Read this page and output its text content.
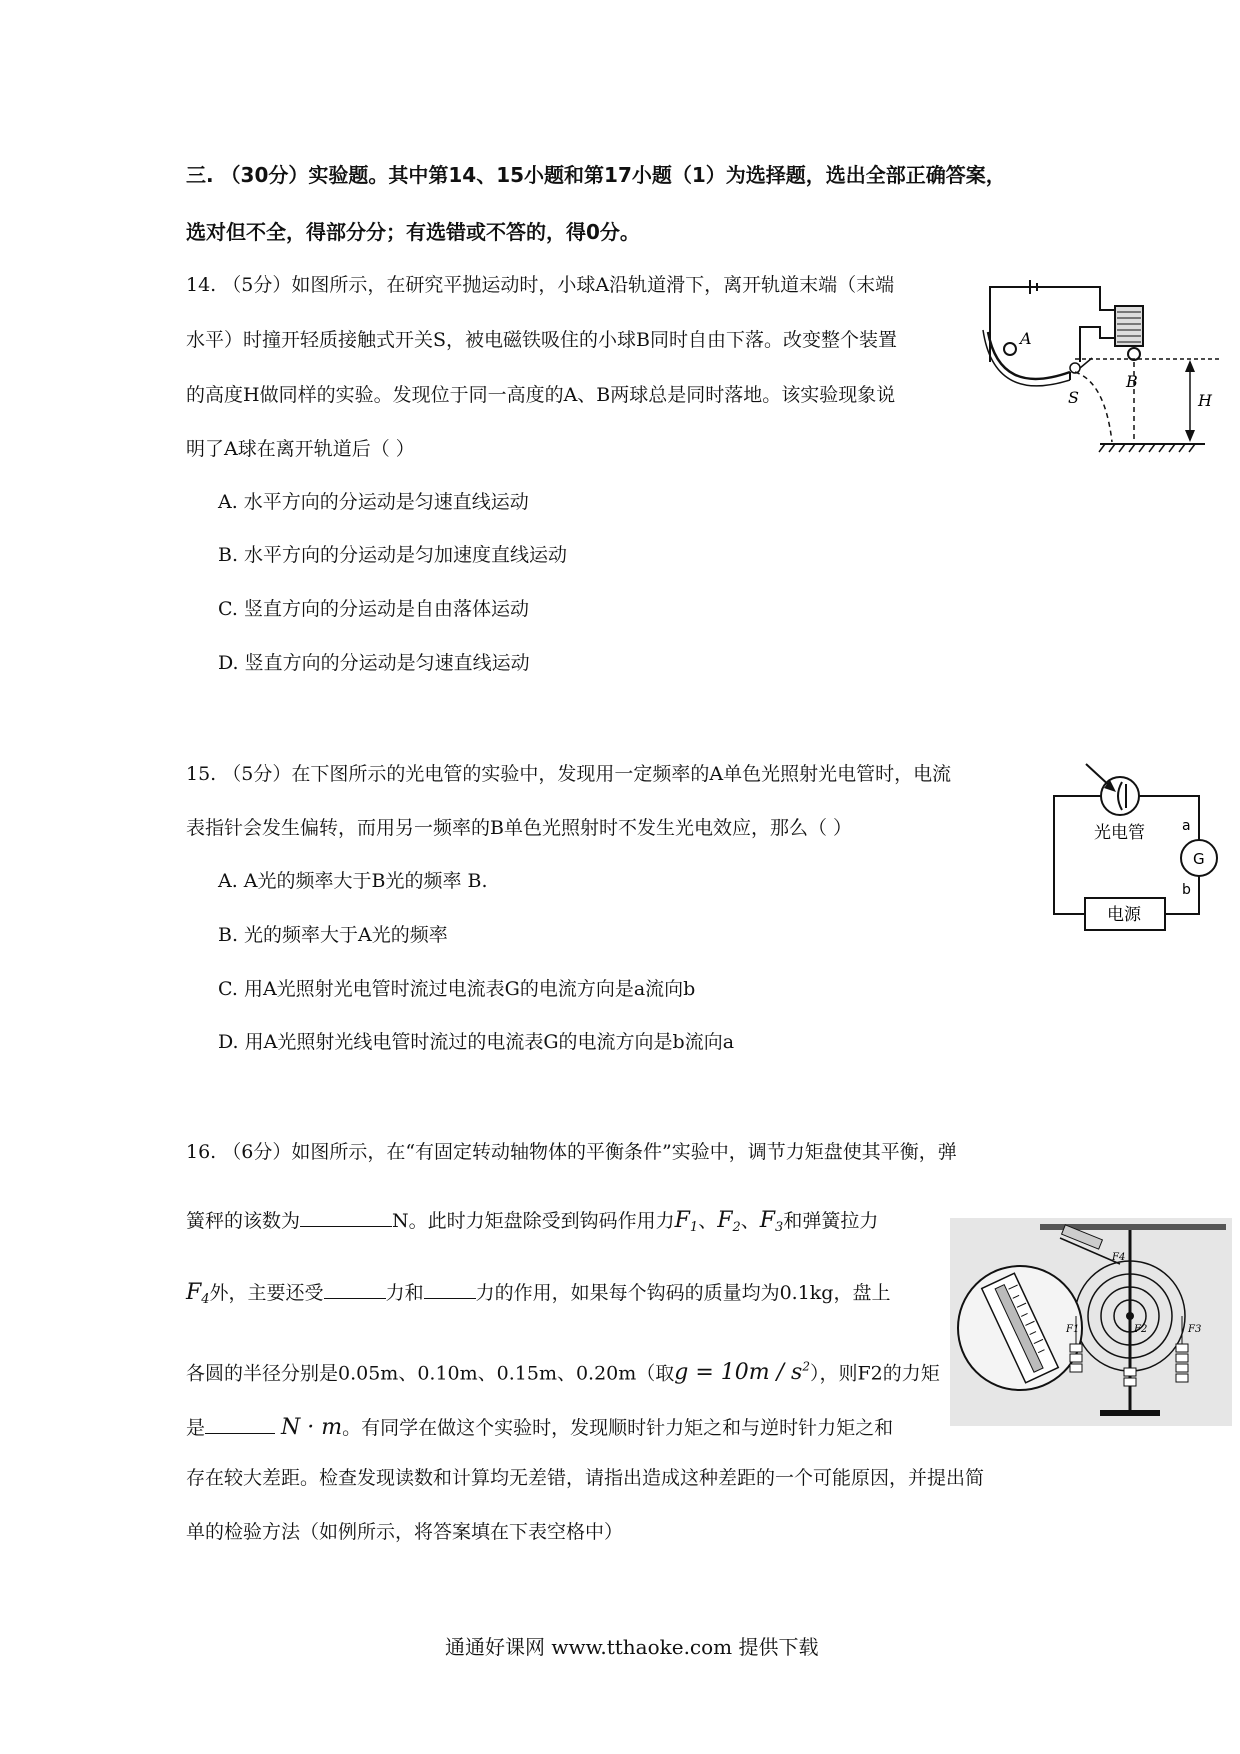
三. （30分）实验题。其中第14、15小题和第17小题（1）为选择题，选出全部正确答案，
选对但不全，得部分分；有选错或不答的，得0分。
14. （5分）如图所示，在研究平抛运动时，小球A沿轨道滑下，离开轨道末端（末端
水平）时撞开轻质接触式开关S，被电磁铁吸住的小球B同时自由下落。改变整个装置
的高度H做同样的实验。发现位于同一高度的A、B两球总是同时落地。该实验现象说
明了A球在离开轨道后（ ）
A. 水平方向的分运动是匀速直线运动
B. 水平方向的分运动是匀加速度直线运动
C. 竖直方向的分运动是自由落体运动
D. 竖直方向的分运动是匀速直线运动
A
S
B
H
15. （5分）在下图所示的光电管的实验中，发现用一定频率的A单色光照射光电管时，电流
表指针会发生偏转，而用另一频率的B单色光照射时不发生光电效应，那么（ ）
A. A光的频率大于B光的频率 B.
B. 光的频率大于A光的频率
C. 用A光照射光电管时流过电流表G的电流方向是a流向b
D. 用A光照射光线电管时流过的电流表G的电流方向是b流向a
光电管
G
a
b
电源
16. （6分）如图所示，在“有固定转动轴物体的平衡条件”实验中，调节力矩盘使其平衡，弹
簧秤的该数为	N。此时力矩盘除受到钩码作用力$F_1$、$F_2$、$F_3$和弹簧拉力
$F_4$外，主要还受	力和	力的作用，如果每个钩码的质量均为0.1kg，盘上
各圆的半径分别是0.05m、0.10m、0.15m、0.20m（取$g = 10m / s^2$），则F2的力矩
是	N · m。有同学在做这个实验时，发现顺时针力矩之和与逆时针力矩之和
存在较大差距。检查发现读数和计算均无差错，请指出造成这种差距的一个可能原因，并提出简
单的检验方法（如例所示，将答案填在下表空格中）
F4
F1	F2	F3
通通好课网 www.tthaoke.com 提供下载
